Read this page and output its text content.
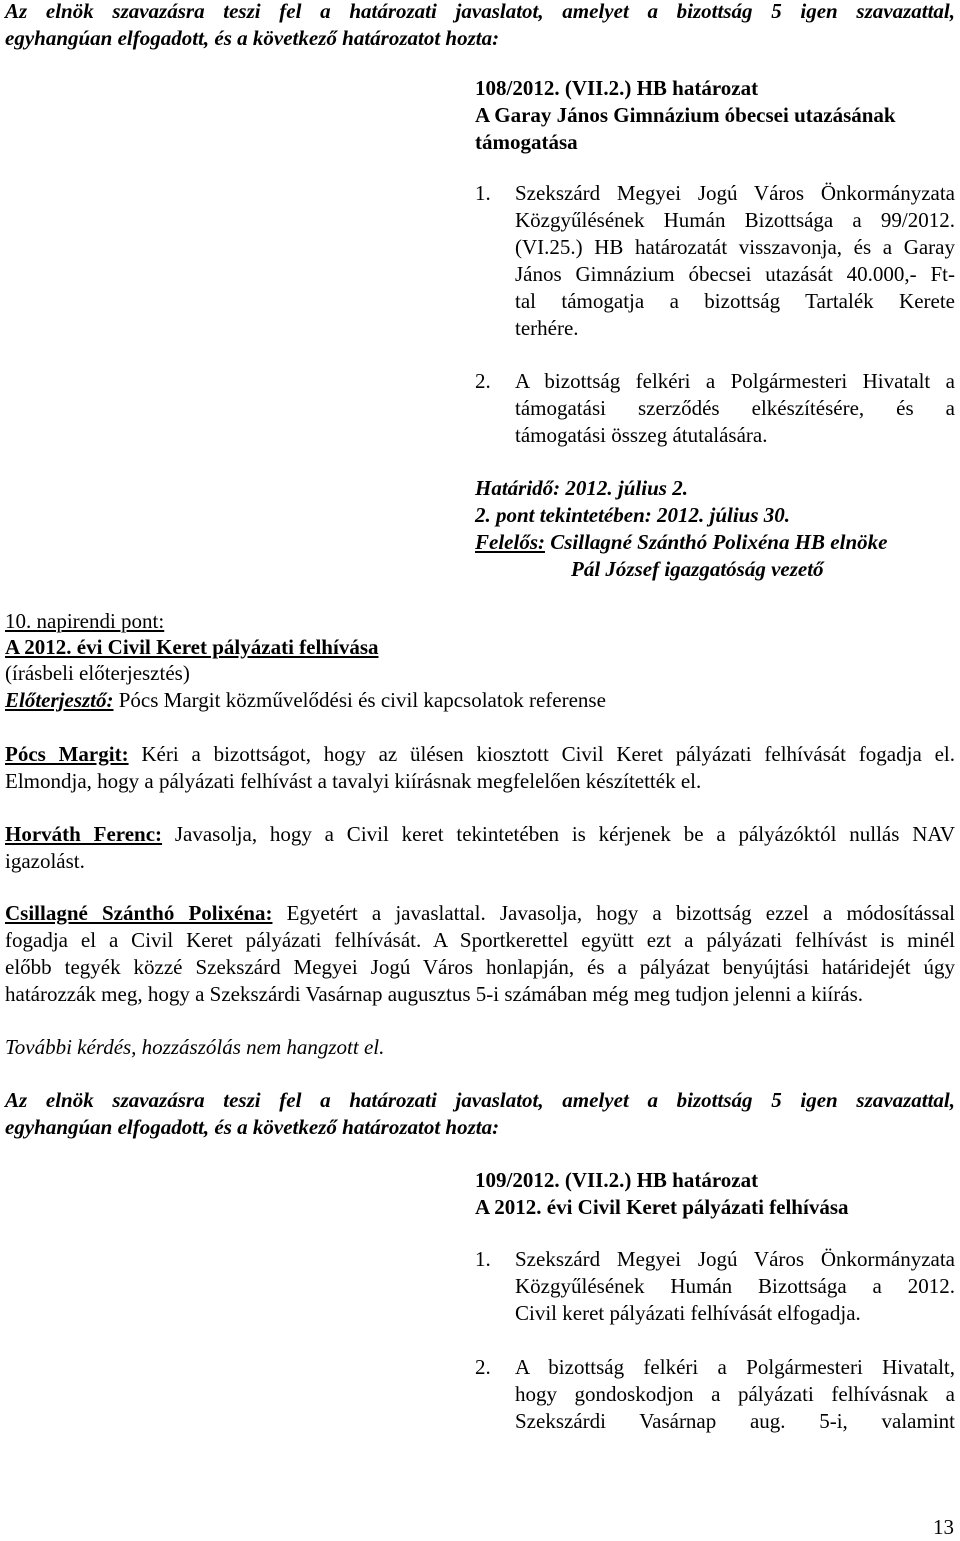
Az elnök szavazásra teszi fel a határozati javaslatot, amelyet a bizottság 5 igen szavazattal,
egyhangúan elfogadott, és a következő határozatot hozta:
108/2012. (VII.2.) HB határozat
A Garay János Gimnázium óbecsei utazásának
támogatása
1.	Szekszárd Megyei Jogú Város Önkormányzata
Közgyűlésének Humán Bizottsága a 99/2012.
(VI.25.) HB határozatát visszavonja, és a Garay
János Gimnázium óbecsei utazását 40.000,- Ft-
tal támogatja a bizottság Tartalék Kerete
terhére.
2.	A bizottság felkéri a Polgármesteri Hivatalt a
támogatási szerződés elkészítésére, és a
támogatási összeg átutalására.
Határidő: 2012. július 2.
2. pont tekintetében: 2012. július 30.
Felelős: Csillagné Szánthó Polixéna HB elnöke
Pál József igazgatóság vezető
10. napirendi pont:
A 2012. évi Civil Keret pályázati felhívása
(írásbeli előterjesztés)
Előterjesztő: Pócs Margit közművelődési és civil kapcsolatok referense
Pócs Margit: Kéri a bizottságot, hogy az ülésen kiosztott Civil Keret pályázati felhívását fogadja el.
Elmondja, hogy a pályázati felhívást a tavalyi kiírásnak megfelelően készítették el.
Horváth Ferenc: Javasolja, hogy a Civil keret tekintetében is kérjenek be a pályázóktól nullás NAV
igazolást.
Csillagné Szánthó Polixéna: Egyetért a javaslattal. Javasolja, hogy a bizottság ezzel a módosítással
fogadja el a Civil Keret pályázati felhívását. A Sportkerettel együtt ezt a pályázati felhívást is minél
előbb tegyék közzé Szekszárd Megyei Jogú Város honlapján, és a pályázat benyújtási határidejét úgy
határozzák meg, hogy a Szekszárdi Vasárnap augusztus 5-i számában még meg tudjon jelenni a kiírás.
További kérdés, hozzászólás nem hangzott el.
Az elnök szavazásra teszi fel a határozati javaslatot, amelyet a bizottság 5 igen szavazattal,
egyhangúan elfogadott, és a következő határozatot hozta:
109/2012. (VII.2.) HB határozat
A 2012. évi Civil Keret pályázati felhívása
1.	Szekszárd Megyei Jogú Város Önkormányzata
Közgyűlésének Humán Bizottsága a 2012.
Civil keret pályázati felhívását elfogadja.
2.	A bizottság felkéri a Polgármesteri Hivatalt,
hogy gondoskodjon a pályázati felhívásnak a
Szekszárdi Vasárnap aug. 5-i, valamint
13
